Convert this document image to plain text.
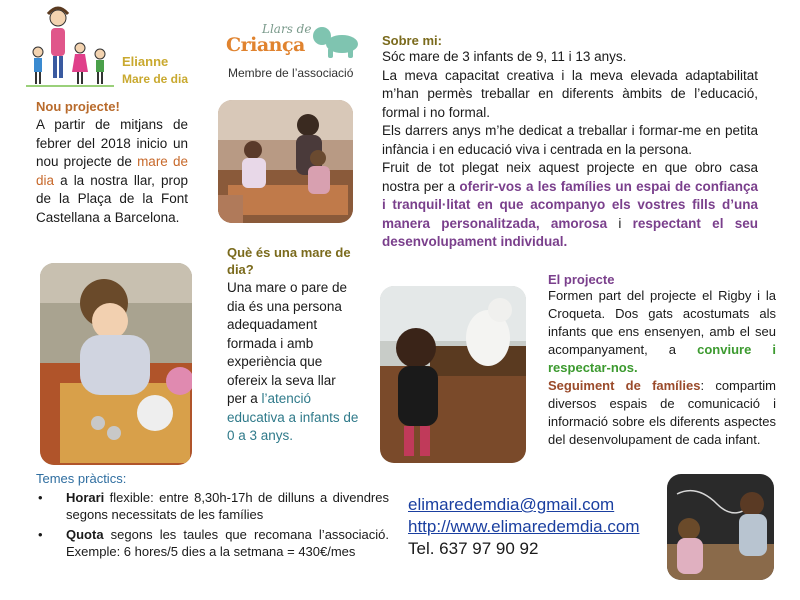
Elianne
Mare de dia
Llars de
Criança
Membre de l’associació
Nou projecte!

A partir de mitjans de febrer del 2018 inicio un nou projecte de mare de dia a la nostra llar, prop de la Plaça de la Font Castellana a Barcelona.

Què és una mare de dia?

Una mare o pare de dia és una persona adequadament formada i amb experiència que ofereix la seva llar per a l’atenció educativa a infants de 0 a 3 anys.

Sobre mi:

Sóc mare de 3 infants de 9, 11 i 13 anys.

La meva capacitat creativa i la meva elevada adaptabilitat m’han permès treballar en diferents àmbits de l’educació, formal i no formal.

Els darrers anys m’he dedicat a treballar i formar-me en petita infància i en educació viva i centrada en la persona.

Fruit de tot plegat neix aquest projecte en que obro casa nostra per a oferir-vos a les famílies un espai de confiança i tranquil·litat en que acompanyo els vostres fills d’una manera personalitzada, amorosa i respectant el seu desenvolupament individual.

El projecte

Formen part del projecte el Rigby i la Croqueta. Dos gats acostumats als infants que ens ensenyen, amb el seu acompanyament, a conviure i respectar-nos.

Seguiment de famílies: compartim diversos espais de comunicació i informació sobre els diferents aspectes del desenvolupament de cada infant.

Temes pràctics:
• Horari flexible: entre 8,30h-17h de dilluns a divendres segons necessitats de les famílies
• Quota segons les taules que recomana l’associació. Exemple: 6 hores/5 dies a la setmana = 430€/mes
elimaredemdia@gmail.com
http://www.elimaredemdia.com
Tel. 637 97 90 92
